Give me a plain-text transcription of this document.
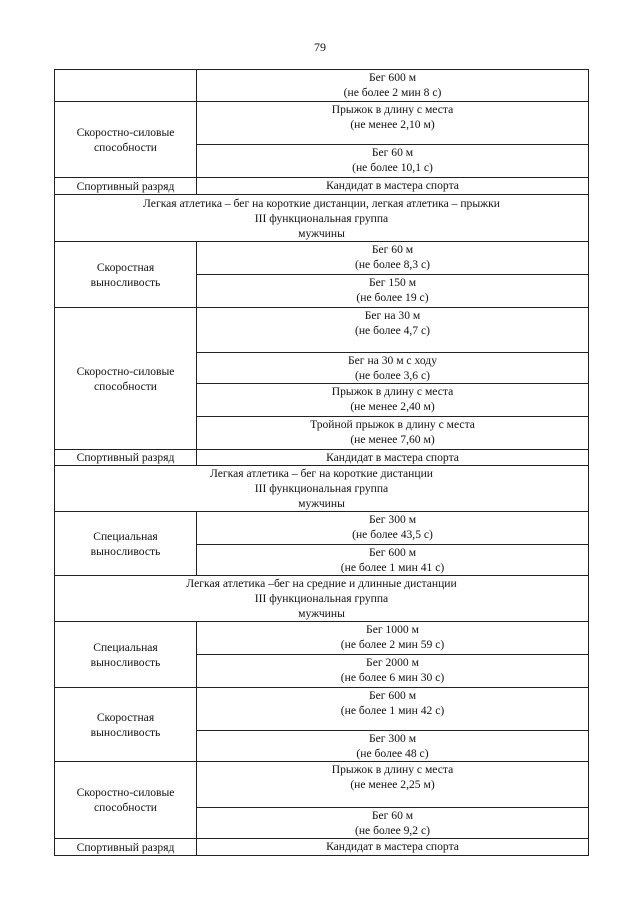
79

	Бег 600 м
(не более 2 мин 8 с)

Скоростно-силовые
способности	Прыжок в длину с места
(не менее 2,10 м)

	Бег 60 м
(не более 10,1 с)

Спортивный разряд	Кандидат в мастера спорта

Легкая атлетика – бег на короткие дистанции, легкая атлетика – прыжки
III функциональная группа
мужчины	

Скоростная
выносливость	Бег 60 м
(не более 8,3 с)

	Бег 150 м
(не более 19 с)

Скоростно-силовые
способности	Бег на 30 м
(не более 4,7 с)

	Бег на 30 м с ходу
(не более 3,6 с)

	Прыжок в длину с места
(не менее 2,40 м)

	Тройной прыжок в длину с места
(не менее 7,60 м)

Спортивный разряд	Кандидат в мастера спорта

Легкая атлетика – бег на короткие дистанции
III функциональная группа
мужчины	

Специальная
выносливость	Бег 300 м
(не более 43,5 с)

	Бег 600 м
(не более 1 мин 41 с)

Легкая атлетика –бег на средние и длинные дистанции
III функциональная группа
мужчины	

Специальная
выносливость	Бег 1000 м
(не более 2 мин 59 с)

	Бег 2000 м
(не более 6 мин 30 с)

Скоростная
выносливость	Бег 600 м
(не более 1 мин 42 с)

	Бег 300 м
(не более 48 с)

Скоростно-силовые
способности	Прыжок в длину с места
(не менее 2,25 м)

	Бег 60 м
(не более 9,2 с)

Спортивный разряд	Кандидат в мастера спорта
